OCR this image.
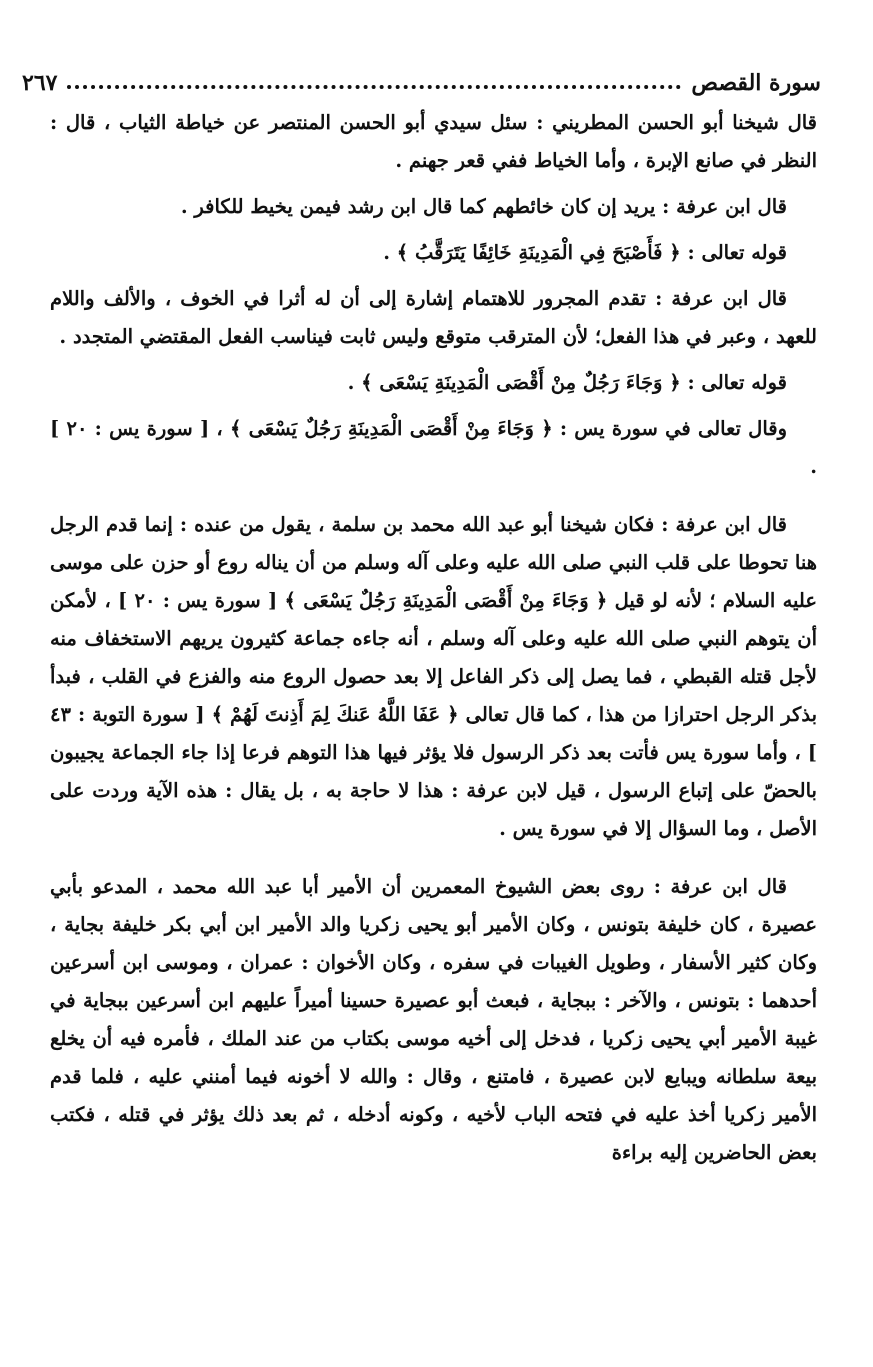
سورة القصص
٢٦٧

قال شيخنا أبو الحسن المطريني : سئل سيدي أبو الحسن المنتصر عن خياطة الثياب ، قال : النظر في صانع الإبرة ، وأما الخياط ففي قعر جهنم .

قال ابن عرفة : يريد إن كان خائطهم كما قال ابن رشد فيمن يخيط للكافر .

قوله تعالى : ﴿ فَأَصْبَحَ فِي الْمَدِينَةِ خَائِفًا يَتَرَقَّبُ ﴾ .

قال ابن عرفة : تقدم المجرور للاهتمام إشارة إلى أن له أثرا في الخوف ، والألف واللام للعهد ، وعبر في هذا الفعل؛ لأن المترقب متوقع وليس ثابت فيناسب الفعل المقتضي المتجدد .

قوله تعالى : ﴿ وَجَاءَ رَجُلٌ مِنْ أَقْصَى الْمَدِينَةِ يَسْعَى ﴾ .

وقال تعالى في سورة يس : ﴿ وَجَاءَ مِنْ أَقْصَى الْمَدِينَةِ رَجُلٌ يَسْعَى ﴾ ، [ سورة يس : ٢٠ ] .

قال ابن عرفة : فكان شيخنا أبو عبد الله محمد بن سلمة ، يقول من عنده : إنما قدم الرجل هنا تحوطا على قلب النبي صلى الله عليه وعلى آله وسلم من أن يناله روع أو حزن على موسى عليه السلام ؛ لأنه لو قيل ﴿ وَجَاءَ مِنْ أَقْصَى الْمَدِينَةِ رَجُلٌ يَسْعَى ﴾ [ سورة يس : ٢٠ ] ، لأمكن أن يتوهم النبي صلى الله عليه وعلى آله وسلم ، أنه جاءه جماعة كثيرون يريهم الاستخفاف منه لأجل قتله القبطي ، فما يصل إلى ذكر الفاعل إلا بعد حصول الروع منه والفزع في القلب ، فبدأ بذكر الرجل احترازا من هذا ، كما قال تعالى ﴿ عَفَا اللَّهُ عَنكَ لِمَ أَذِنتَ لَهُمْ ﴾ [ سورة التوبة : ٤٣ ] ، وأما سورة يس فأتت بعد ذكر الرسول فلا يؤثر فيها هذا التوهم فرعا إذا جاء الجماعة يجيبون بالحضّ على إتباع الرسول ، قيل لابن عرفة : هذا لا حاجة به ، بل يقال : هذه الآية وردت على الأصل ، وما السؤال إلا في سورة يس .

قال ابن عرفة : روى بعض الشيوخ المعمرين أن الأمير أبا عبد الله محمد ، المدعو بأبي عصيرة ، كان خليفة بتونس ، وكان الأمير أبو يحيى زكريا والد الأمير ابن أبي بكر خليفة بجاية ، وكان كثير الأسفار ، وطويل الغيبات في سفره ، وكان الأخوان : عمران ، وموسى ابن أسرعين أحدهما : بتونس ، والآخر : ببجاية ، فبعث أبو عصيرة حسينا أميراً عليهم ابن أسرعين ببجاية في غيبة الأمير أبي يحيى زكريا ، فدخل إلى أخيه موسى بكتاب من عند الملك ، فأمره فيه أن يخلع بيعة سلطانه ويبايع لابن عصيرة ، فامتنع ، وقال : والله لا أخونه فيما أمنني عليه ، فلما قدم الأمير زكريا أخذ عليه في فتحه الباب لأخيه ، وكونه أدخله ، ثم بعد ذلك يؤثر في قتله ، فكتب بعض الحاضرين إليه براءة
